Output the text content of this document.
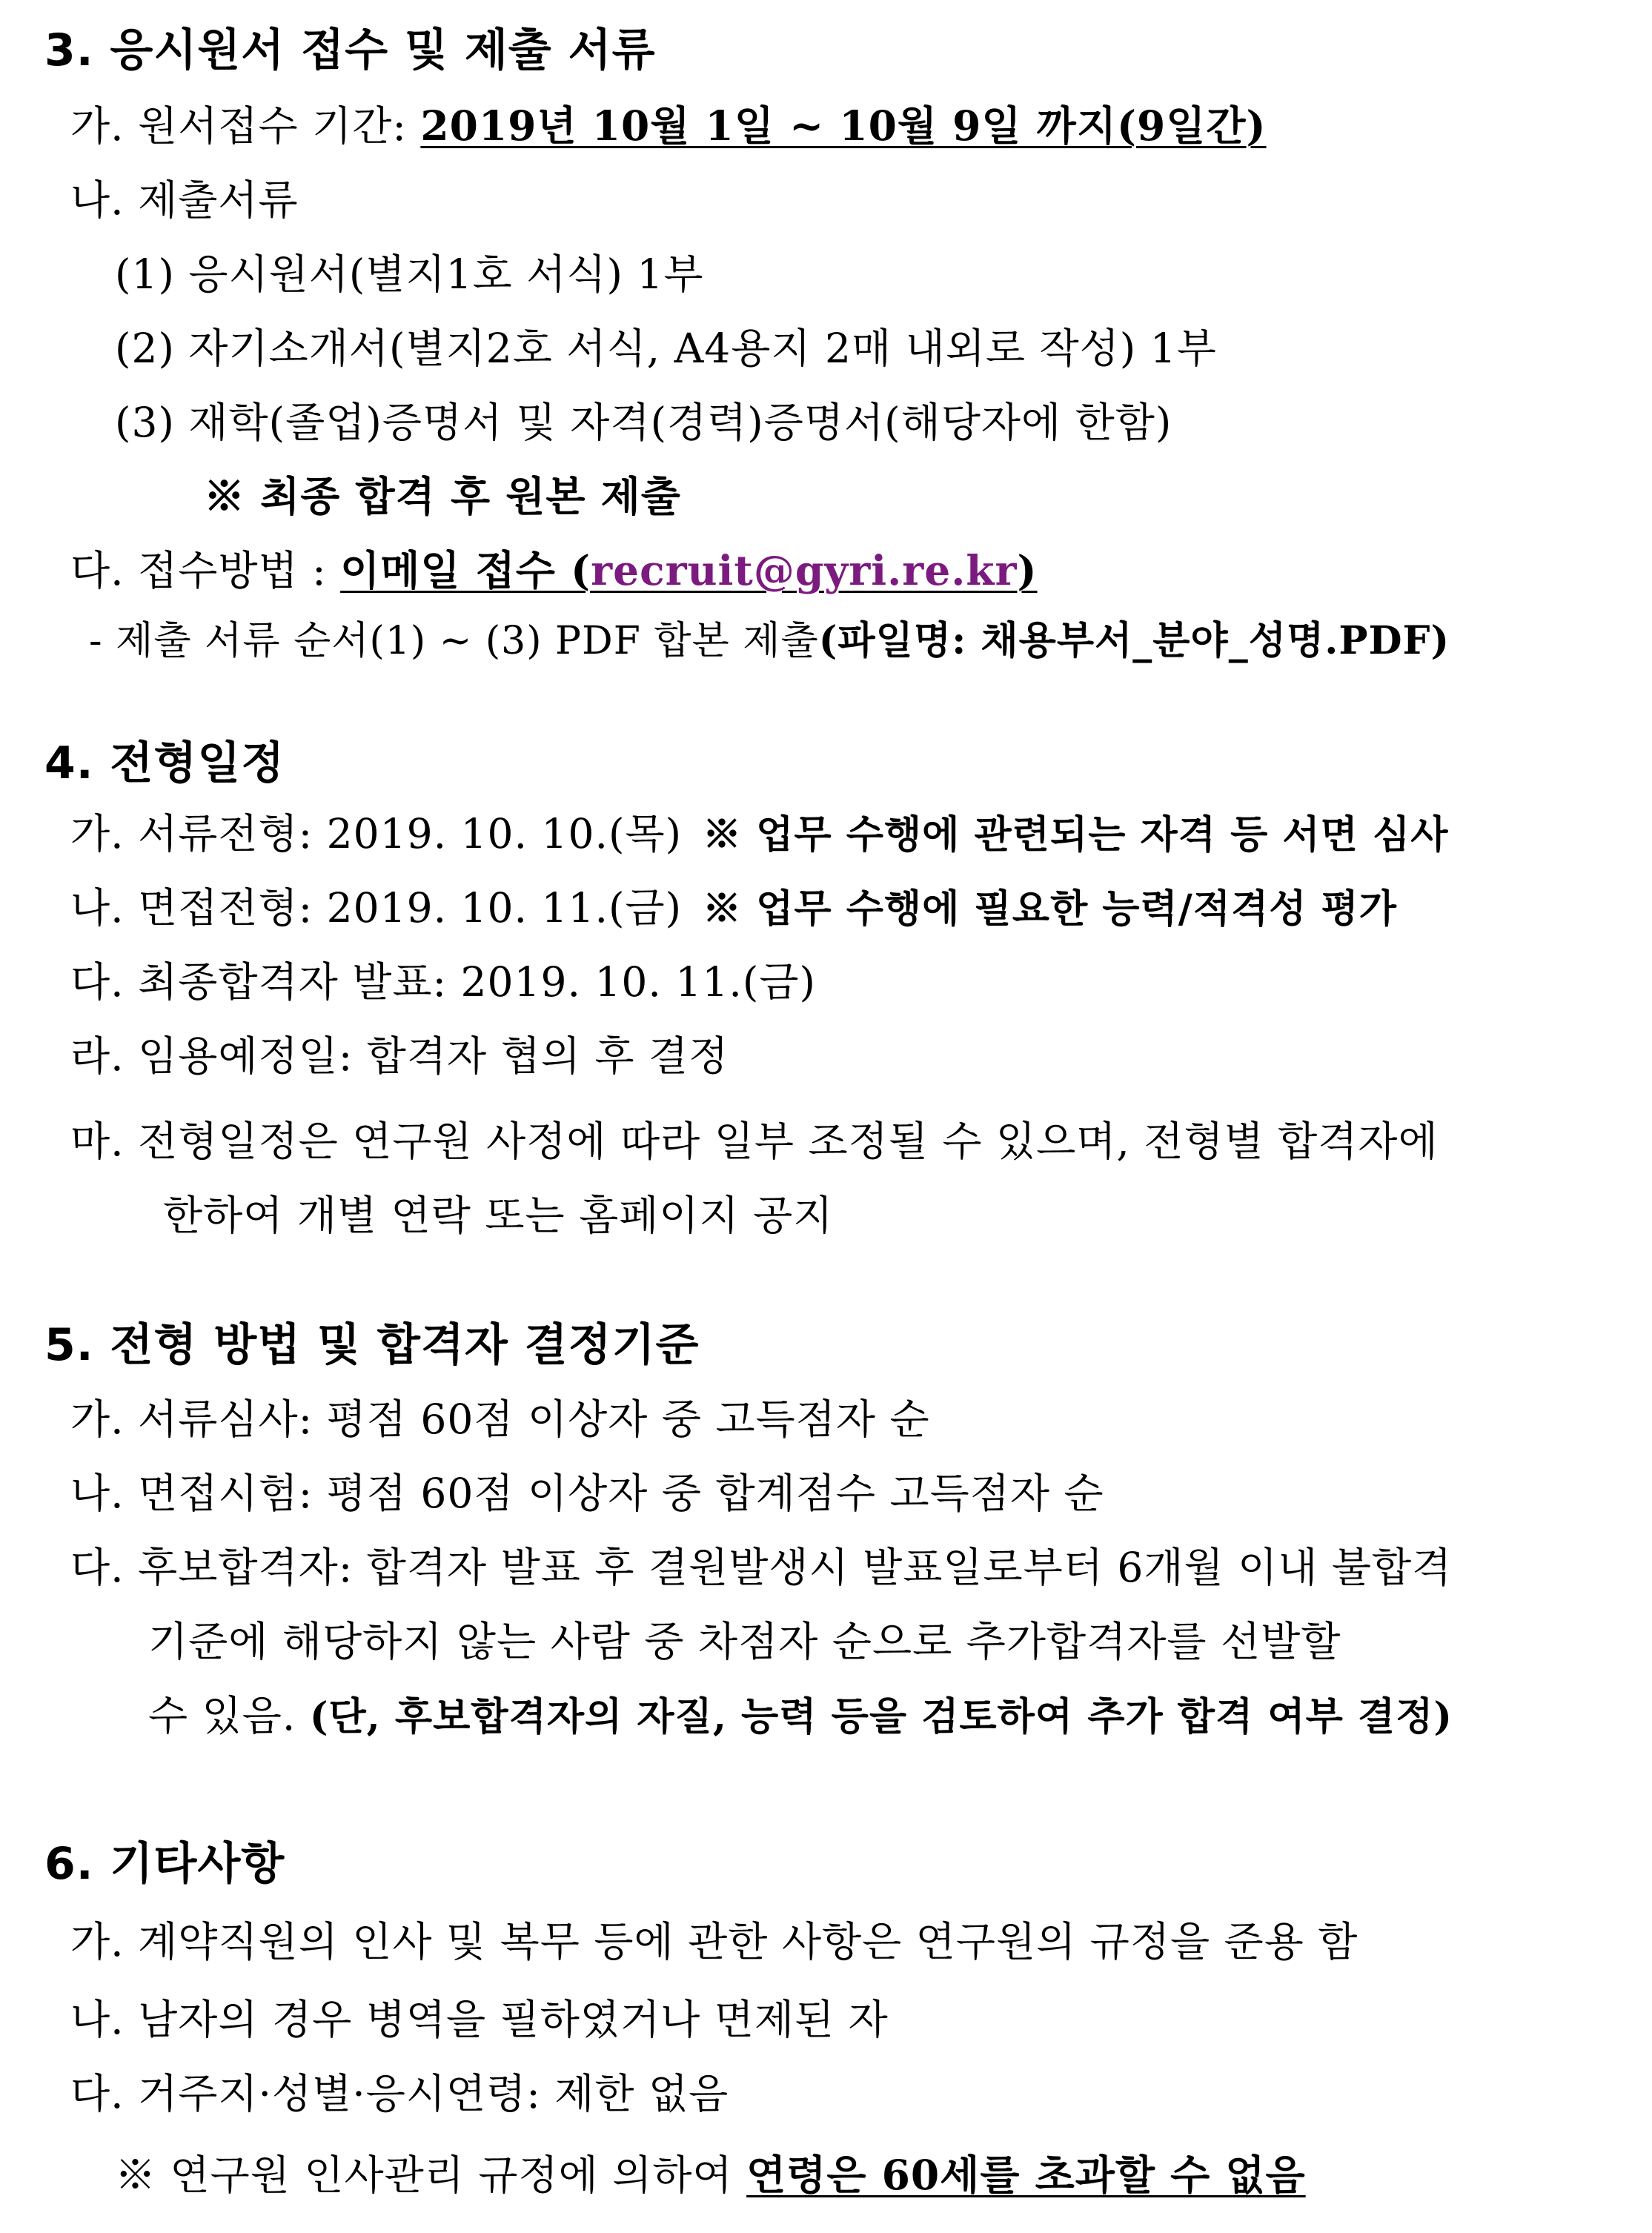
3. 응시원서 접수 및 제출 서류
가. 원서접수 기간: 2019년 10월 1일 ~ 10월 9일 까지(9일간)
나. 제출서류
(1) 응시원서(별지1호 서식) 1부
(2) 자기소개서(별지2호 서식, A4용지 2매 내외로 작성) 1부
(3) 재학(졸업)증명서 및 자격(경력)증명서(해당자에 한함)
※ 최종 합격 후 원본 제출
다. 접수방법 : 이메일 접수 (recruit@gyri.re.kr)
- 제출 서류 순서(1) ~ (3) PDF 합본 제출(파일명: 채용부서_분야_성명.PDF)
4. 전형일정
가. 서류전형: 2019. 10. 10.(목) ※ 업무 수행에 관련되는 자격 등 서면 심사
나. 면접전형: 2019. 10. 11.(금) ※ 업무 수행에 필요한 능력/적격성 평가
다. 최종합격자 발표: 2019. 10. 11.(금)
라. 임용예정일: 합격자 협의 후 결정
마. 전형일정은 연구원 사정에 따라 일부 조정될 수 있으며, 전형별 합격자에
한하여 개별 연락 또는 홈페이지 공지
5. 전형 방법 및 합격자 결정기준
가. 서류심사: 평점 60점 이상자 중 고득점자 순
나. 면접시험: 평점 60점 이상자 중 합계점수 고득점자 순
다. 후보합격자: 합격자 발표 후 결원발생시 발표일로부터 6개월 이내 불합격
기준에 해당하지 않는 사람 중 차점자 순으로 추가합격자를 선발할
수 있음. (단, 후보합격자의 자질, 능력 등을 검토하여 추가 합격 여부 결정)
6. 기타사항
가. 계약직원의 인사 및 복무 등에 관한 사항은 연구원의 규정을 준용 함
나. 남자의 경우 병역을 필하였거나 면제된 자
다. 거주지·성별·응시연령: 제한 없음
※ 연구원 인사관리 규정에 의하여 연령은 60세를 초과할 수 없음
